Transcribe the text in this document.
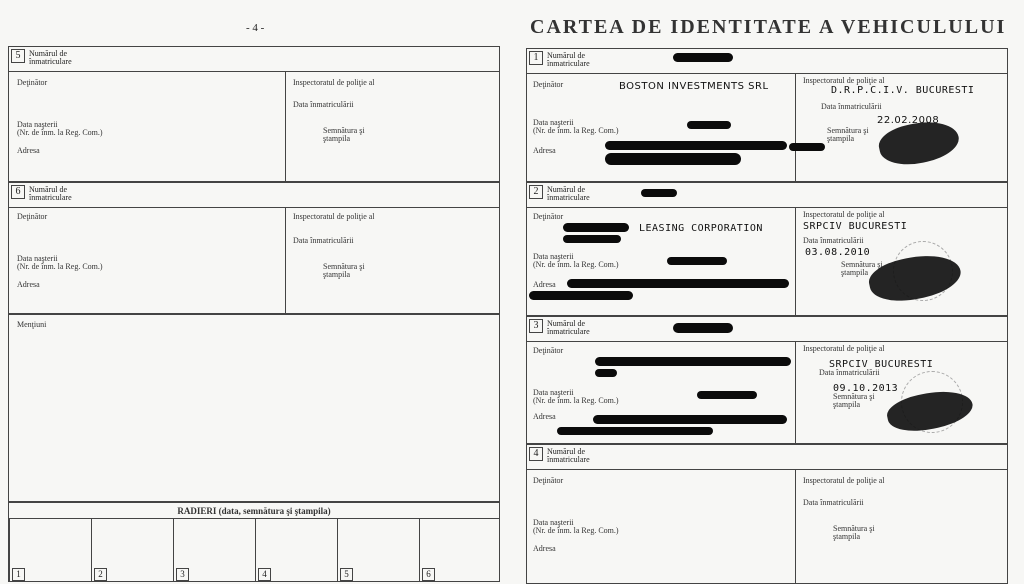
- 4 -	CARTEA DE IDENTITATE A VEHICULULUI
5	Numărul de
înmatriculare
Deţinător
Data naşterii
(Nr. de înm. la Reg. Com.)
Adresa
Inspectoratul de poliţie al
Data înmatriculării
Semnătura şi
ştampila
6	Numărul de
înmatriculare
Deţinător
Data naşterii
(Nr. de înm. la Reg. Com.)
Adresa
Inspectoratul de poliţie al
Data înmatriculării
Semnătura şi
ştampila
Menţiuni
RADIERI (data, semnătura şi ştampila)
1	2	3	4	5	6
1	Numărul de
înmatriculare
Deţinător	BOSTON INVESTMENTS SRL
Data naşterii
(Nr. de înm. la Reg. Com.)
Adresa
Inspectoratul de poliţie al
D.R.P.C.I.V. BUCURESTI
Data înmatriculării
22.02.2008
Semnătura şi
ştampila
2	Numărul de
înmatriculare
Deţinător
LEASING CORPORATION
Data naşterii
(Nr. de înm. la Reg. Com.)
Adresa
Inspectoratul de poliţie al
SRPCIV BUCURESTI
Data înmatriculării
03.08.2010
Semnătura şi
ştampila
3	Numărul de
înmatriculare
Deţinător
Data naşterii
(Nr. de înm. la Reg. Com.)
Adresa
Inspectoratul de poliţie al
SRPCIV BUCURESTI
Data înmatriculării
09.10.2013
Semnătura şi
ştampila
4	Numărul de
înmatriculare
Deţinător
Data naşterii
(Nr. de înm. la Reg. Com.)
Adresa
Inspectoratul de poliţie al
Data înmatriculării
Semnătura şi
ştampila
